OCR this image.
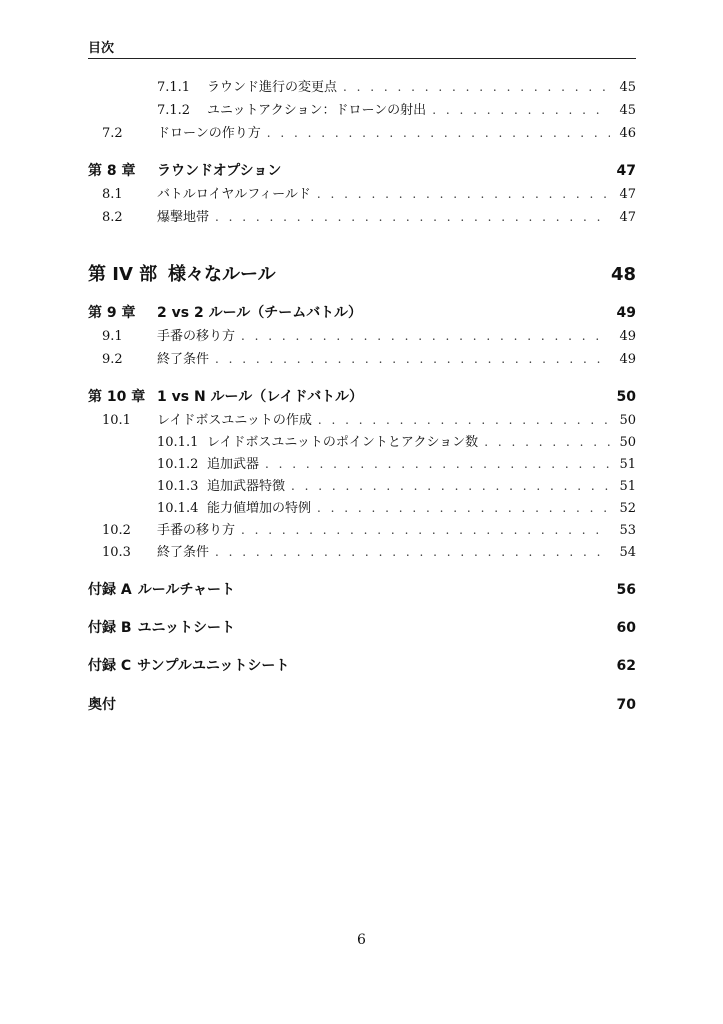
目次
7.1.1	ラウンド進行の変更点 . . .	45
7.1.2	ユニットアクション：ドローンの射出 . . .	45
7.2	ドローンの作り方 . . .	46
第 8 章	ラウンドオプション	47
8.1	バトルロイヤルフィールド . . .	47
8.2	爆撃地帯 . . .	47
第 IV 部 様々なルール	48
第 9 章	2 vs 2 ルール（チームバトル）	49
9.1	手番の移り方 . . .	49
9.2	終了条件 . . .	49
第 10 章 1 vs N ルール（レイドバトル）	50
10.1	レイドボスユニットの作成 . . .	50
10.1.1 レイドボスユニットのポイントとアクション数 . . .	50
10.1.2 追加武器 . . .	51
10.1.3 追加武器特徴 . . .	51
10.1.4 能力値増加の特例 . . .	52
10.2	手番の移り方 . . .	53
10.3	終了条件 . . .	54
付録 A ルールチャート	56
付録 B ユニットシート	60
付録 C サンプルユニットシート	62
奥付	70
6
